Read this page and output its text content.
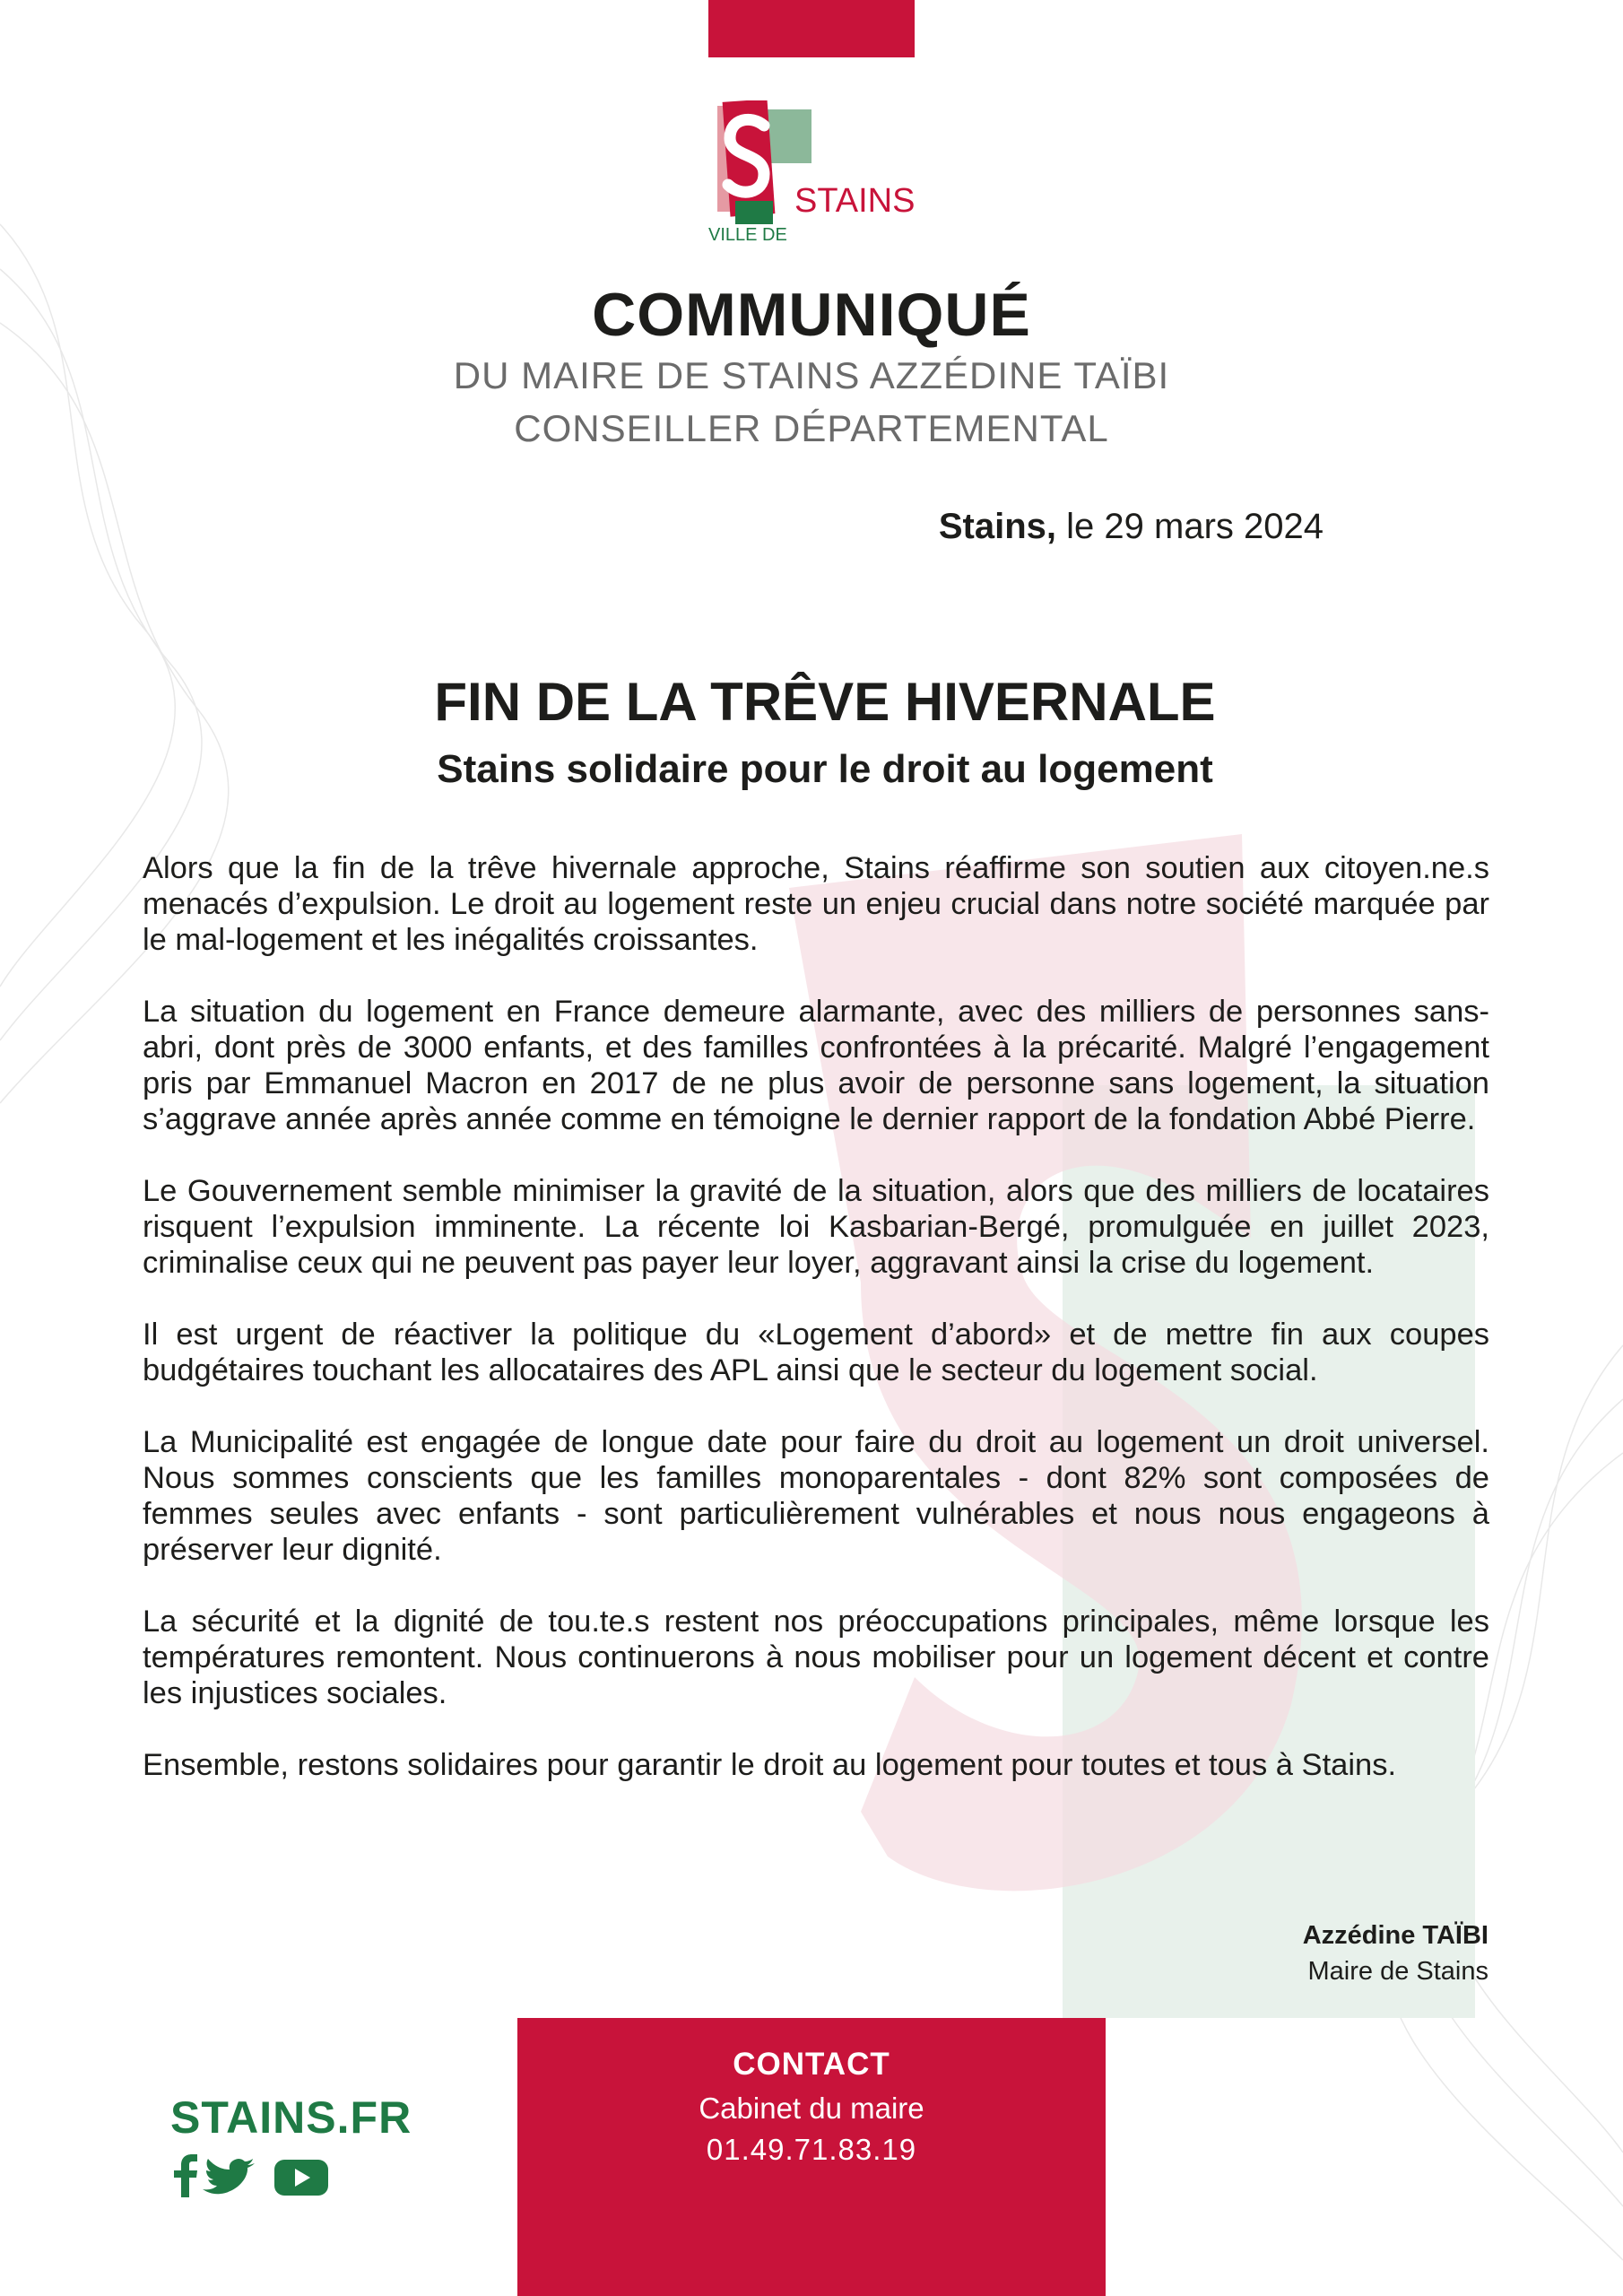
STAINS
VILLE DE
COMMUNIQUÉ
DU MAIRE DE STAINS AZZÉDINE TAÏBI
CONSEILLER DÉPARTEMENTAL
Stains, le 29 mars 2024
FIN DE LA TRÊVE HIVERNALE
Stains solidaire pour le droit au logement

Alors que la fin de la trêve hivernale approche, Stains réaffirme son soutien aux citoyen.ne.s menacés d’expulsion. Le droit au logement reste un enjeu crucial dans notre société marquée par le mal-logement et les inégalités croissantes.

La situation du logement en France demeure alarmante, avec des milliers de personnes sans-abri, dont près de 3000 enfants, et des familles confrontées à la précarité. Malgré l’engagement pris par Emmanuel Macron en 2017 de ne plus avoir de personne sans logement, la situation s’aggrave année après année comme en témoigne le dernier rapport de la fondation Abbé Pierre.

Le Gouvernement semble minimiser la gravité de la situation, alors que des milliers de locataires risquent l’expulsion imminente. La récente loi Kasbarian-Bergé, promulguée en juillet 2023, criminalise ceux qui ne peuvent pas payer leur loyer, aggravant ainsi la crise du logement.

Il est urgent de réactiver la politique du «Logement d’abord» et de mettre fin aux coupes budgétaires touchant les allocataires des APL ainsi que le secteur du logement social.

La Municipalité est engagée de longue date pour faire du droit au logement un droit universel. Nous sommes conscients que les familles monoparentales - dont 82% sont composées de femmes seules avec enfants - sont particulièrement vulnérables et nous nous engageons à préserver leur dignité.

La sécurité et la dignité de tou.te.s restent nos préoccupations principales, même lorsque les températures remontent. Nous continuerons à nous mobiliser pour un logement décent et contre les injustices sociales.

Ensemble, restons solidaires pour garantir le droit au logement pour toutes et tous à Stains.

Azzédine TAÏBI
Maire de Stains
CONTACT
Cabinet du maire
01.49.71.83.19
STAINS.FR
